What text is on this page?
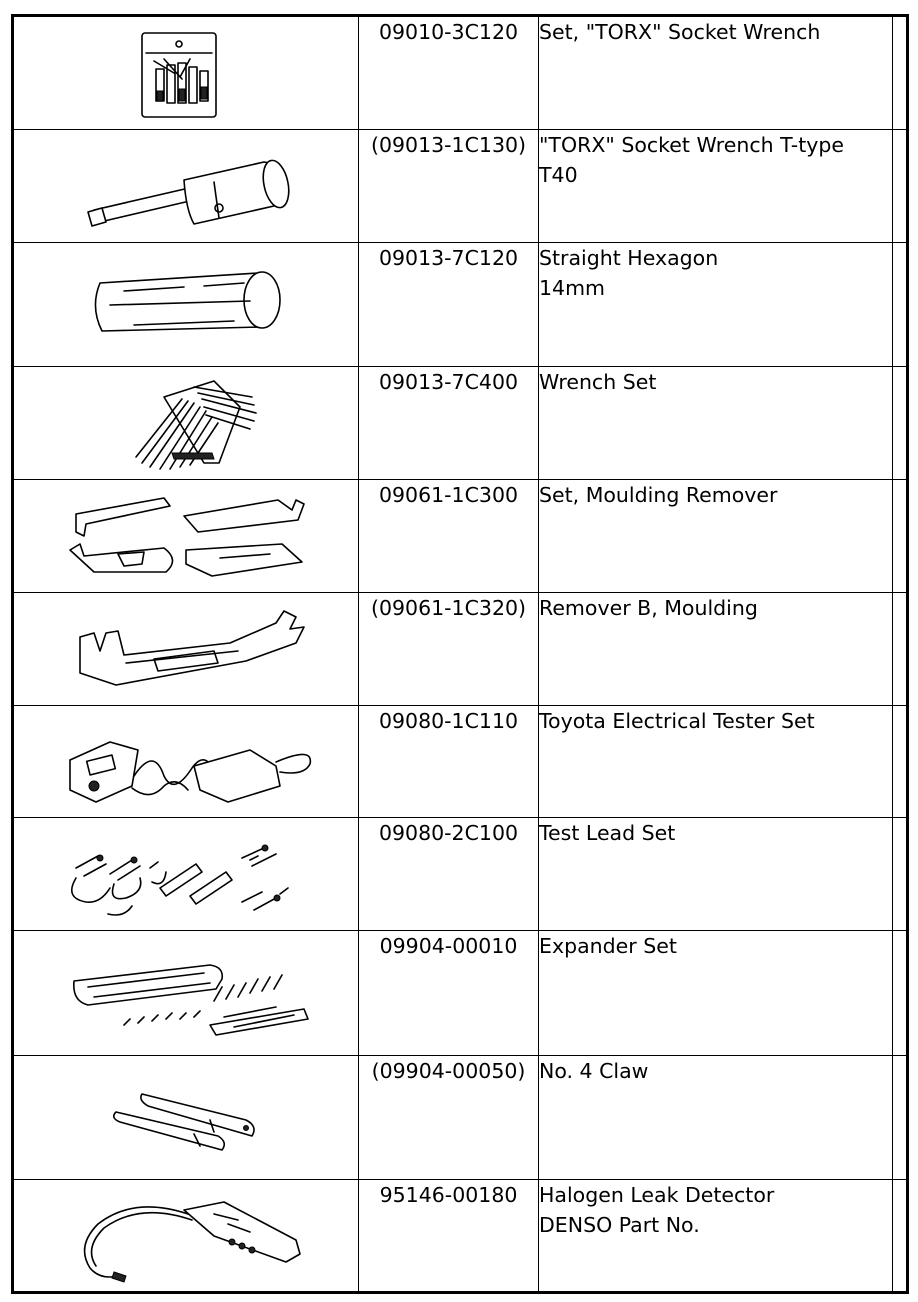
	09010-3C120	Set, "TORX" Socket Wrench	

	(09013-1C130)	"TORX" Socket Wrench T-type
T40	

	09013-7C120	Straight Hexagon
14mm	

	09013-7C400	Wrench Set	

	09061-1C300	Set, Moulding Remover	

	(09061-1C320)	Remover B, Moulding	

	09080-1C110	Toyota Electrical Tester Set	

	09080-2C100	Test Lead Set	

	09904-00010	Expander Set	

	(09904-00050)	No. 4 Claw	

	95146-00180	Halogen Leak Detector
DENSO Part No.	
